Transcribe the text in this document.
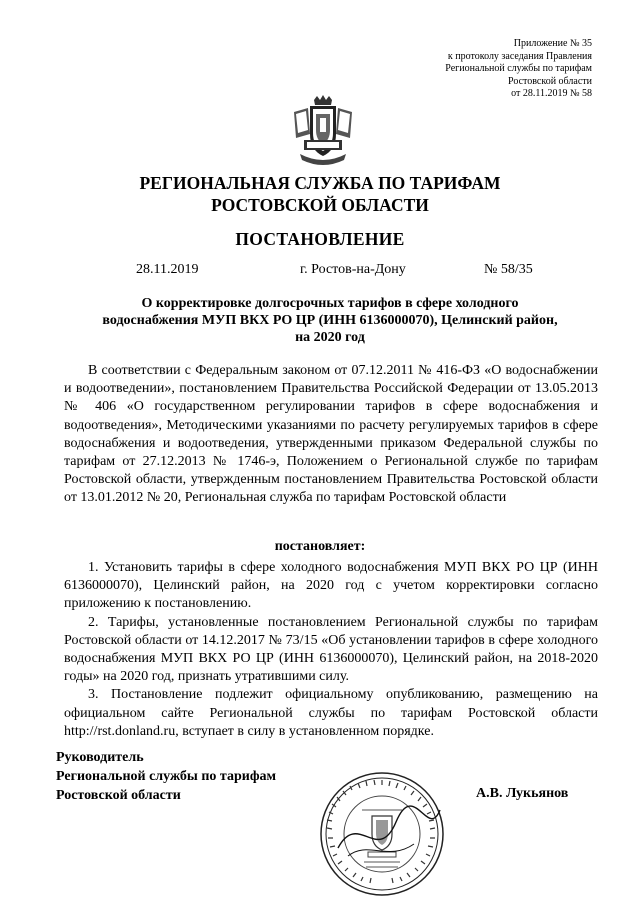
Приложение № 35
к протоколу заседания Правления
Региональной службы по тарифам
Ростовской области
от 28.11.2019 № 58
РЕГИОНАЛЬНАЯ СЛУЖБА ПО ТАРИФАМ
РОСТОВСКОЙ ОБЛАСТИ
ПОСТАНОВЛЕНИЕ
28.11.2019	г. Ростов-на-Дону	№ 58/35
О корректировке долгосрочных тарифов в сфере холодного
водоснабжения МУП ВКХ РО ЦР (ИНН 6136000070), Целинский район,
на 2020 год

В соответствии с Федеральным законом от 07.12.2011 № 416-ФЗ «О водоснабжении и водоотведении», постановлением Правительства Российской Федерации от 13.05.2013 № 406 «О государственном регулировании тарифов в сфере водоснабжения и водоотведения», Методическими указаниями по расчету регулируемых тарифов в сфере водоснабжения и водоотведения, утвержденными приказом Федеральной службы по тарифам от 27.12.2013 № 1746-э, Положением о Региональной службе по тарифам Ростовской области, утвержденным постановлением Правительства Ростовской области от 13.01.2012 № 20, Региональная служба по тарифам Ростовской области

постановляет:

1. Установить тарифы в сфере холодного водоснабжения МУП ВКХ РО ЦР (ИНН 6136000070), Целинский район, на 2020 год с учетом корректировки согласно приложению к постановлению.

2. Тарифы, установленные постановлением Региональной службы по тарифам Ростовской области от 14.12.2017 № 73/15 «Об установлении тарифов в сфере холодного водоснабжения МУП ВКХ РО ЦР (ИНН 6136000070), Целинский район, на 2018-2020 годы» на 2020 год, признать утратившими силу.

3. Постановление подлежит официальному опубликованию, размещению на официальном сайте Региональной службы по тарифам Ростовской области http://rst.donland.ru, вступает в силу в установленном порядке.

Руководитель
Региональной службы по тарифам
Ростовской области	А.В. Лукьянов
